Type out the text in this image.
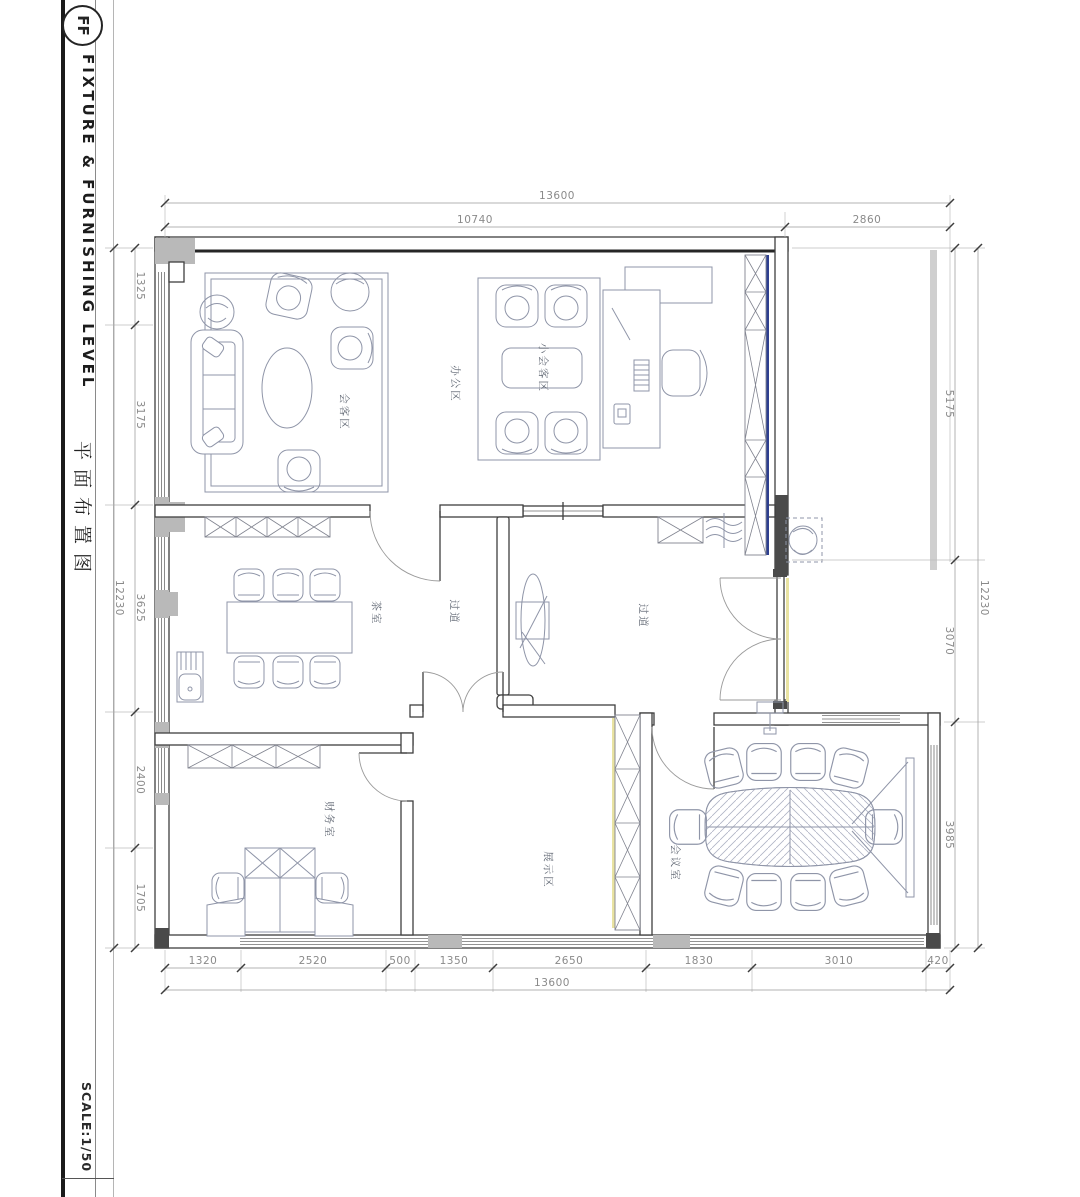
FF
FIXTURE & FURNISHING LEVEL
平面布置图
SCALE:1/50
会客区
办公区	小会客区
茶室	过道	过道
财务室
展示区	会议室
13600
10740	2860
1320	2520	500	1350	2650	1830	3010	420
13600
1325
3175
3625
2400
1705
12230
5175
3070
3985
12230
